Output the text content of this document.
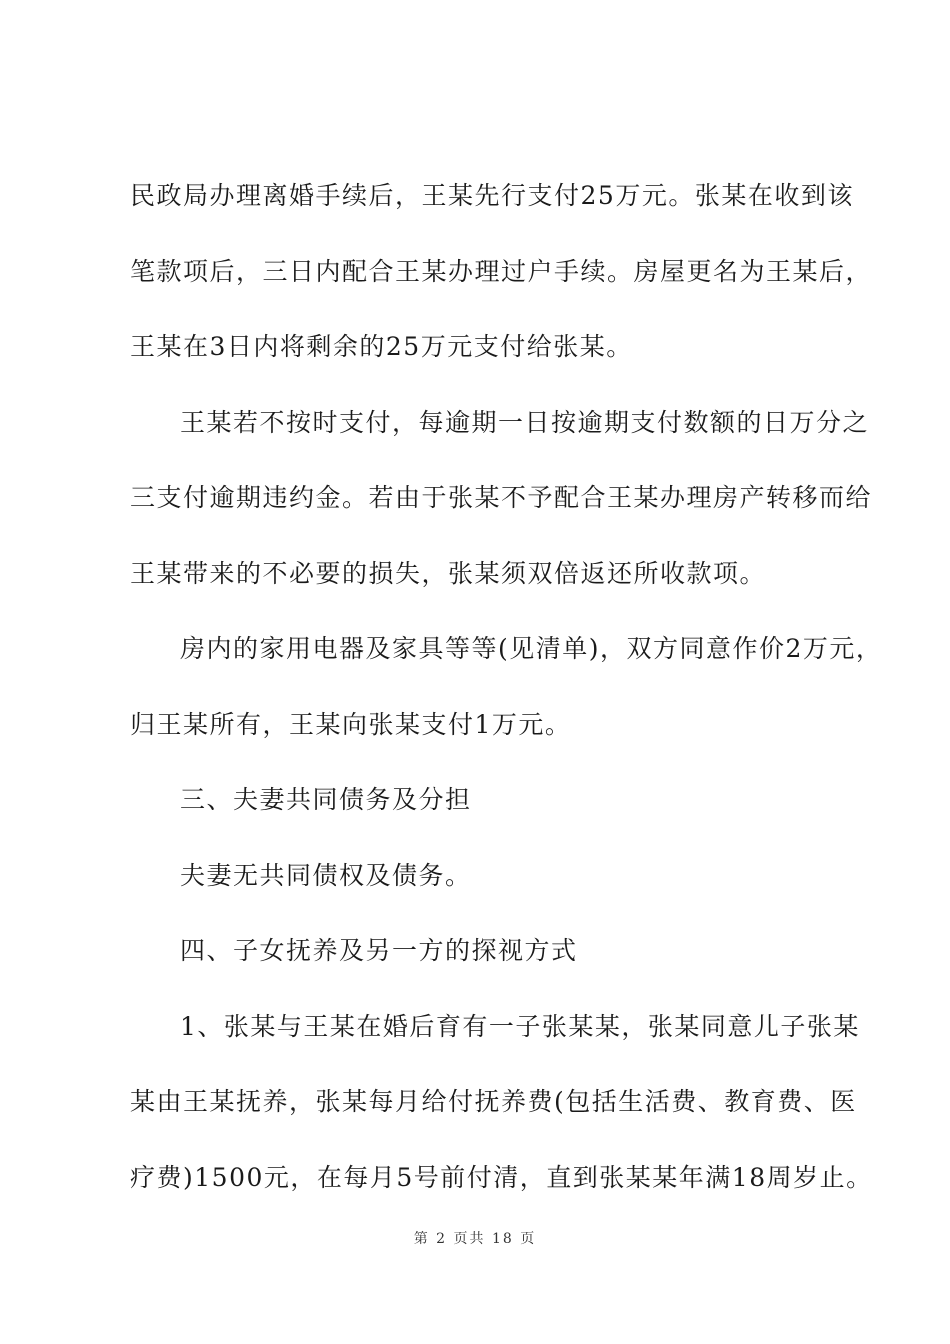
民政局办理离婚手续后，王某先行支付25万元。张某在收到该
笔款项后，三日内配合王某办理过户手续。房屋更名为王某后，
王某在3日内将剩余的25万元支付给张某。
王某若不按时支付，每逾期一日按逾期支付数额的日万分之
三支付逾期违约金。若由于张某不予配合王某办理房产转移而给
王某带来的不必要的损失，张某须双倍返还所收款项。
房内的家用电器及家具等等(见清单)，双方同意作价2万元，
归王某所有，王某向张某支付1万元。
三、夫妻共同债务及分担
夫妻无共同债权及债务。
四、子女抚养及另一方的探视方式
1、张某与王某在婚后育有一子张某某，张某同意儿子张某
某由王某抚养，张某每月给付抚养费(包括生活费、教育费、医
疗费)1500元，在每月5号前付清，直到张某某年满18周岁止。
第 2 页共 18 页
